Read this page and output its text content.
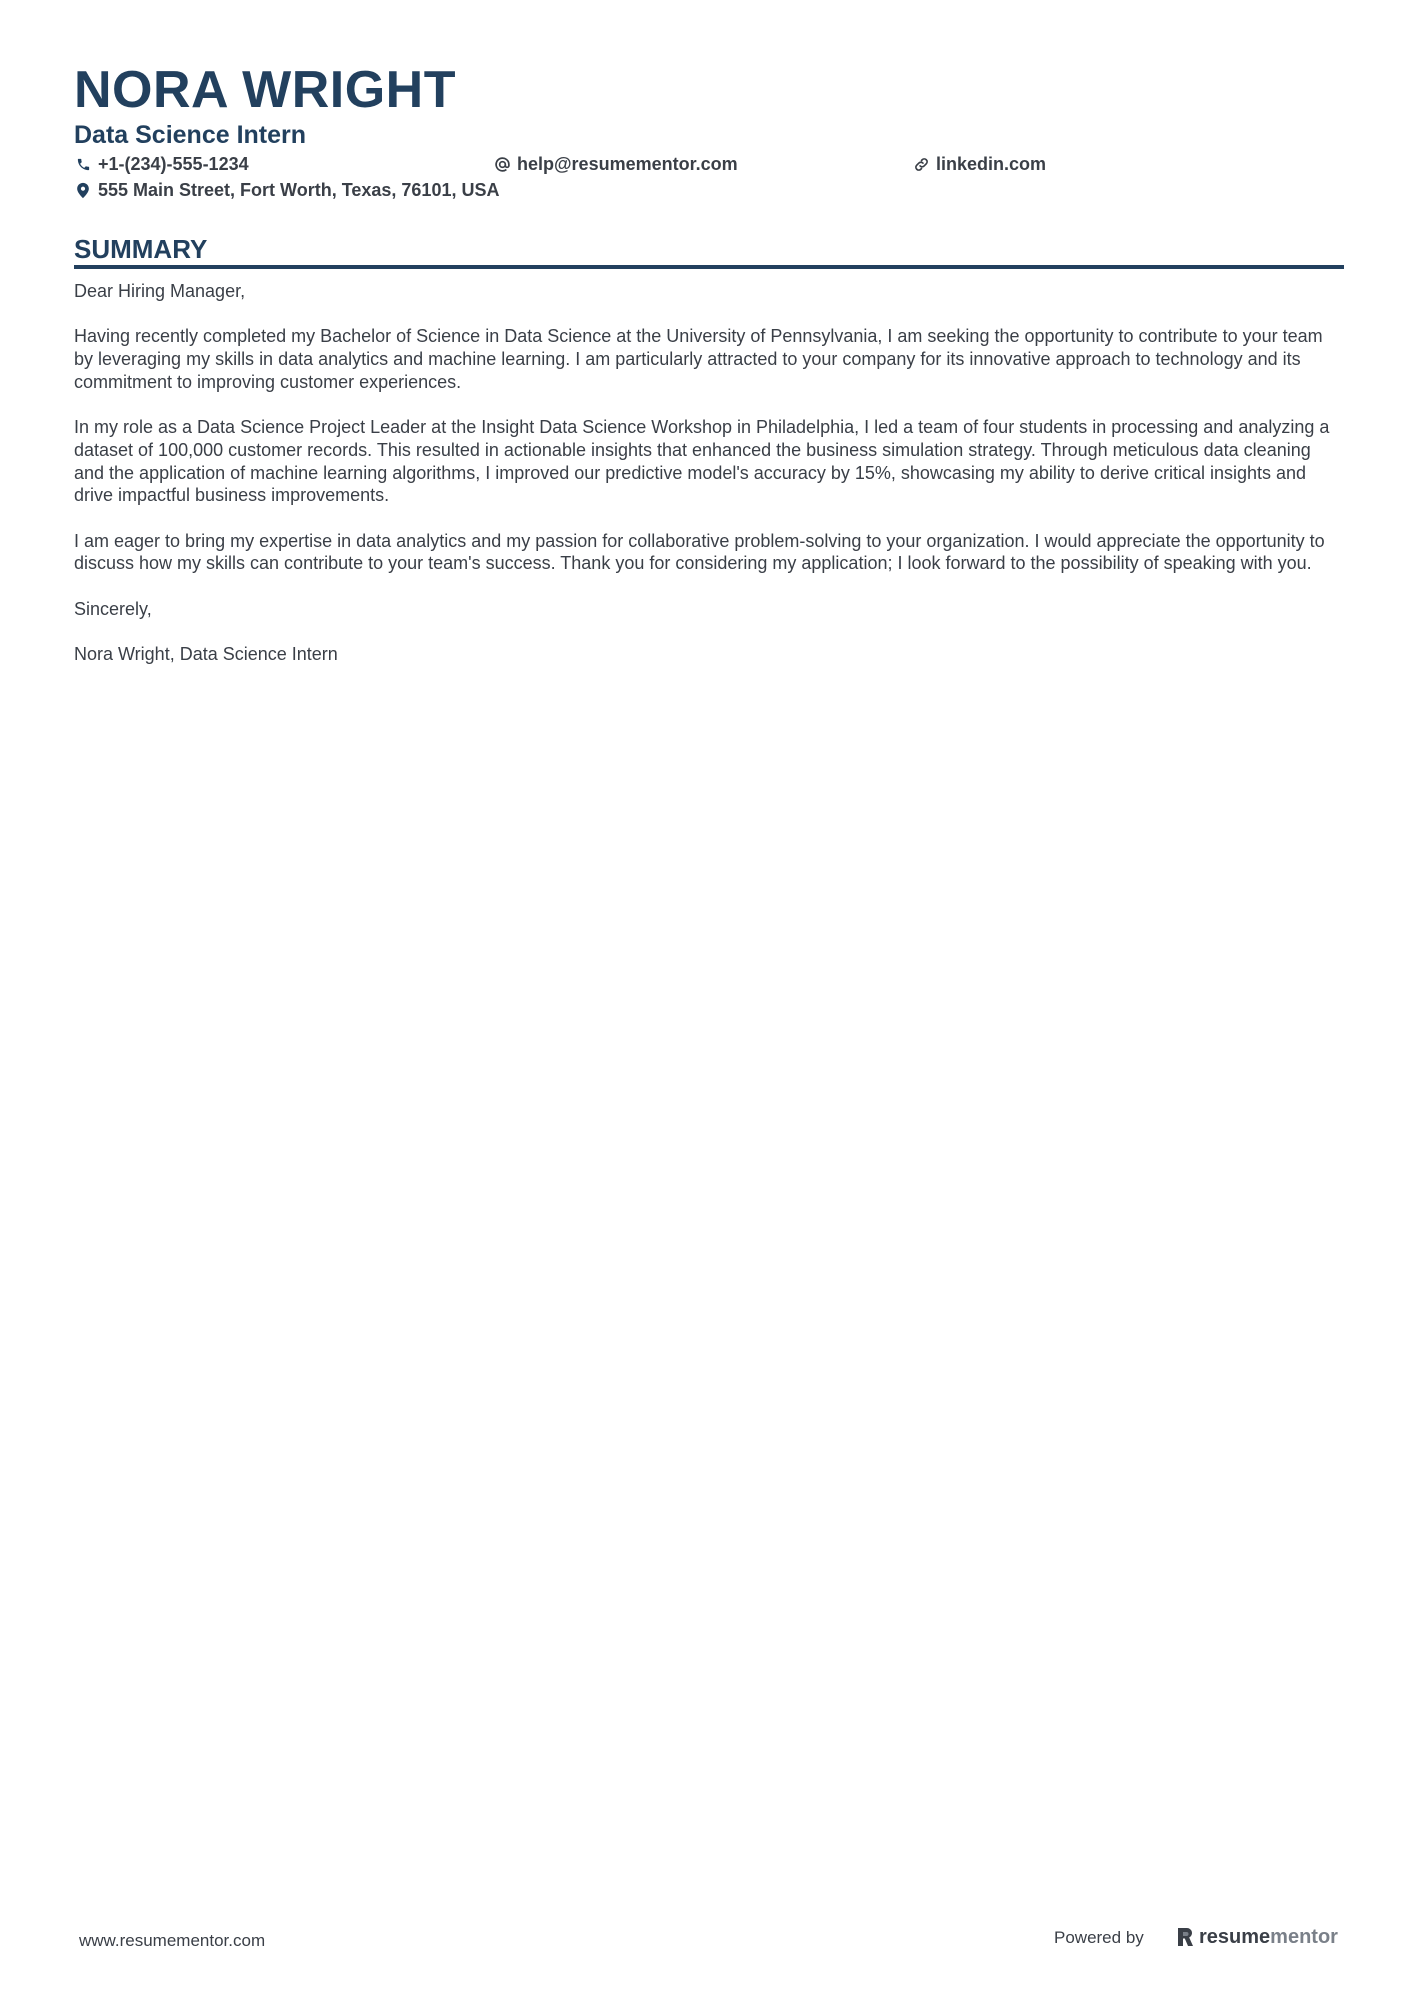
NORA WRIGHT
Data Science Intern
+1-(234)-555-1234	help@resumementor.com	linkedin.com
555 Main Street, Fort Worth, Texas, 76101, USA
SUMMARY

Dear Hiring Manager,

Having recently completed my Bachelor of Science in Data Science at the University of Pennsylvania, I am seeking the opportunity to contribute to your team by leveraging my skills in data analytics and machine learning. I am particularly attracted to your company for its innovative approach to technology and its commitment to improving customer experiences.

In my role as a Data Science Project Leader at the Insight Data Science Workshop in Philadelphia, I led a team of four students in processing and analyzing a dataset of 100,000 customer records. This resulted in actionable insights that enhanced the business simulation strategy. Through meticulous data cleaning and the application of machine learning algorithms, I improved our predictive model's accuracy by 15%, showcasing my ability to derive critical insights and drive impactful business improvements.

I am eager to bring my expertise in data analytics and my passion for collaborative problem-solving to your organization. I would appreciate the opportunity to discuss how my skills can contribute to your team's success. Thank you for considering my application; I look forward to the possibility of speaking with you.

Sincerely,

Nora Wright, Data Science Intern

www.resumementor.com	Powered by	resume mentor
